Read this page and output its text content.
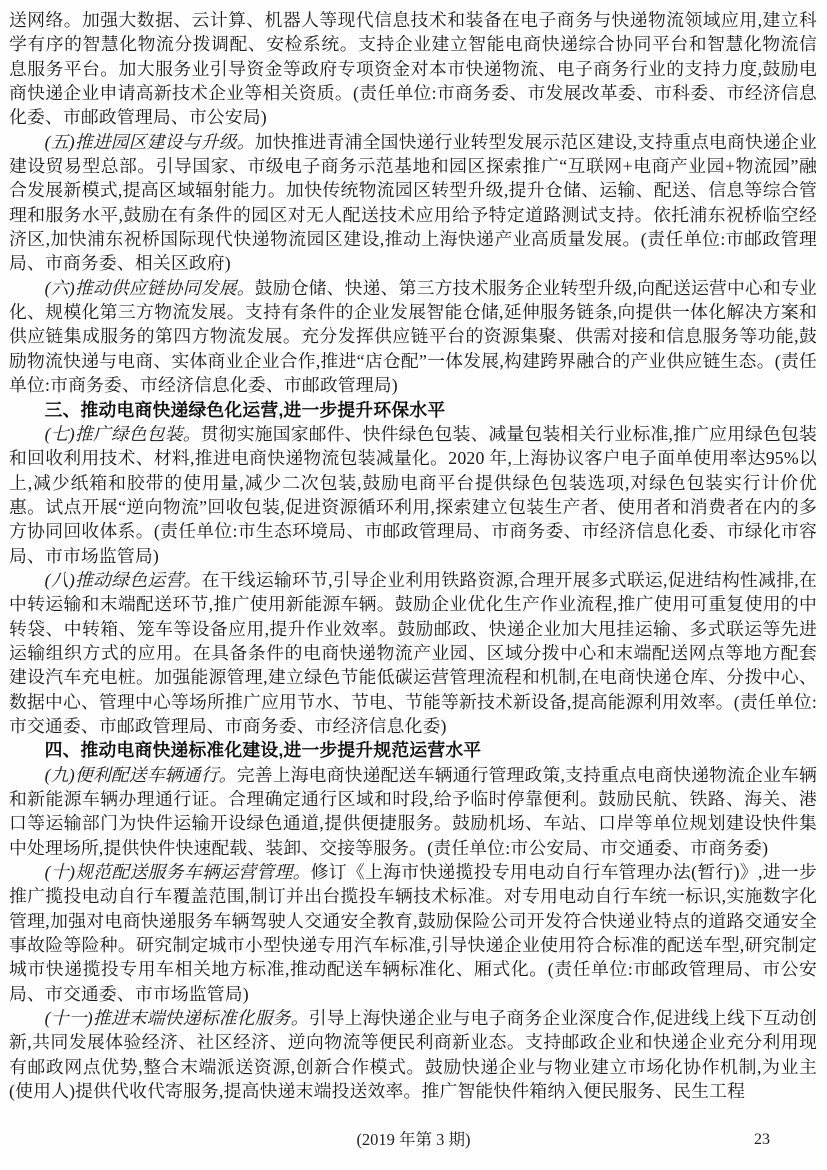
送网络。加强大数据、云计算、机器人等现代信息技术和装备在电子商务与快递物流领域应用,建立科学有序的智慧化物流分拨调配、安检系统。支持企业建立智能电商快递综合协同平台和智慧化物流信息服务平台。加大服务业引导资金等政府专项资金对本市快递物流、电子商务行业的支持力度,鼓励电商快递企业申请高新技术企业等相关资质。(责任单位:市商务委、市发展改革委、市科委、市经济信息化委、市邮政管理局、市公安局)

(五)推进园区建设与升级。加快推进青浦全国快递行业转型发展示范区建设,支持重点电商快递企业建设贸易型总部。引导国家、市级电子商务示范基地和园区探索推广“互联网+电商产业园+物流园”融合发展新模式,提高区域辐射能力。加快传统物流园区转型升级,提升仓储、运输、配送、信息等综合管理和服务水平,鼓励在有条件的园区对无人配送技术应用给予特定道路测试支持。依托浦东祝桥临空经济区,加快浦东祝桥国际现代快递物流园区建设,推动上海快递产业高质量发展。(责任单位:市邮政管理局、市商务委、相关区政府)

(六)推动供应链协同发展。鼓励仓储、快递、第三方技术服务企业转型升级,向配送运营中心和专业化、规模化第三方物流发展。支持有条件的企业发展智能仓储,延伸服务链条,向提供一体化解决方案和供应链集成服务的第四方物流发展。充分发挥供应链平台的资源集聚、供需对接和信息服务等功能,鼓励物流快递与电商、实体商业企业合作,推进“店仓配”一体发展,构建跨界融合的产业供应链生态。(责任单位:市商务委、市经济信息化委、市邮政管理局)

三、推动电商快递绿色化运营,进一步提升环保水平

(七)推广绿色包装。贯彻实施国家邮件、快件绿色包装、减量包装相关行业标准,推广应用绿色包装和回收利用技术、材料,推进电商快递物流包装减量化。2020 年,上海协议客户电子面单使用率达95%以上,减少纸箱和胶带的使用量,减少二次包装,鼓励电商平台提供绿色包装选项,对绿色包装实行计价优惠。试点开展“逆向物流”回收包装,促进资源循环利用,探索建立包装生产者、使用者和消费者在内的多方协同回收体系。(责任单位:市生态环境局、市邮政管理局、市商务委、市经济信息化委、市绿化市容局、市市场监管局)

(八)推动绿色运营。在干线运输环节,引导企业利用铁路资源,合理开展多式联运,促进结构性减排,在中转运输和末端配送环节,推广使用新能源车辆。鼓励企业优化生产作业流程,推广使用可重复使用的中转袋、中转箱、笼车等设备应用,提升作业效率。鼓励邮政、快递企业加大甩挂运输、多式联运等先进运输组织方式的应用。在具备条件的电商快递物流产业园、区域分拨中心和末端配送网点等地方配套建设汽车充电桩。加强能源管理,建立绿色节能低碳运营管理流程和机制,在电商快递仓库、分拨中心、数据中心、管理中心等场所推广应用节水、节电、节能等新技术新设备,提高能源利用效率。(责任单位:市交通委、市邮政管理局、市商务委、市经济信息化委)

四、推动电商快递标准化建设,进一步提升规范运营水平

(九)便利配送车辆通行。完善上海电商快递配送车辆通行管理政策,支持重点电商快递物流企业车辆和新能源车辆办理通行证。合理确定通行区域和时段,给予临时停靠便利。鼓励民航、铁路、海关、港口等运输部门为快件运输开设绿色通道,提供便捷服务。鼓励机场、车站、口岸等单位规划建设快件集中处理场所,提供快件快速配载、装卸、交接等服务。(责任单位:市公安局、市交通委、市商务委)

(十)规范配送服务车辆运营管理。修订《上海市快递揽投专用电动自行车管理办法(暂行)》,进一步推广揽投电动自行车覆盖范围,制订并出台揽投车辆技术标准。对专用电动自行车统一标识,实施数字化管理,加强对电商快递服务车辆驾驶人交通安全教育,鼓励保险公司开发符合快递业特点的道路交通安全事故险等险种。研究制定城市小型快递专用汽车标准,引导快递企业使用符合标准的配送车型,研究制定城市快递揽投专用车相关地方标准,推动配送车辆标准化、厢式化。(责任单位:市邮政管理局、市公安局、市交通委、市市场监管局)

(十一)推进末端快递标准化服务。引导上海快递企业与电子商务企业深度合作,促进线上线下互动创新,共同发展体验经济、社区经济、逆向物流等便民利商新业态。支持邮政企业和快递企业充分利用现有邮政网点优势,整合末端派送资源,创新合作模式。鼓励快递企业与物业建立市场化协作机制,为业主(使用人)提供代收代寄服务,提高快递末端投送效率。推广智能快件箱纳入便民服务、民生工程

(2019 年第 3 期)	23
